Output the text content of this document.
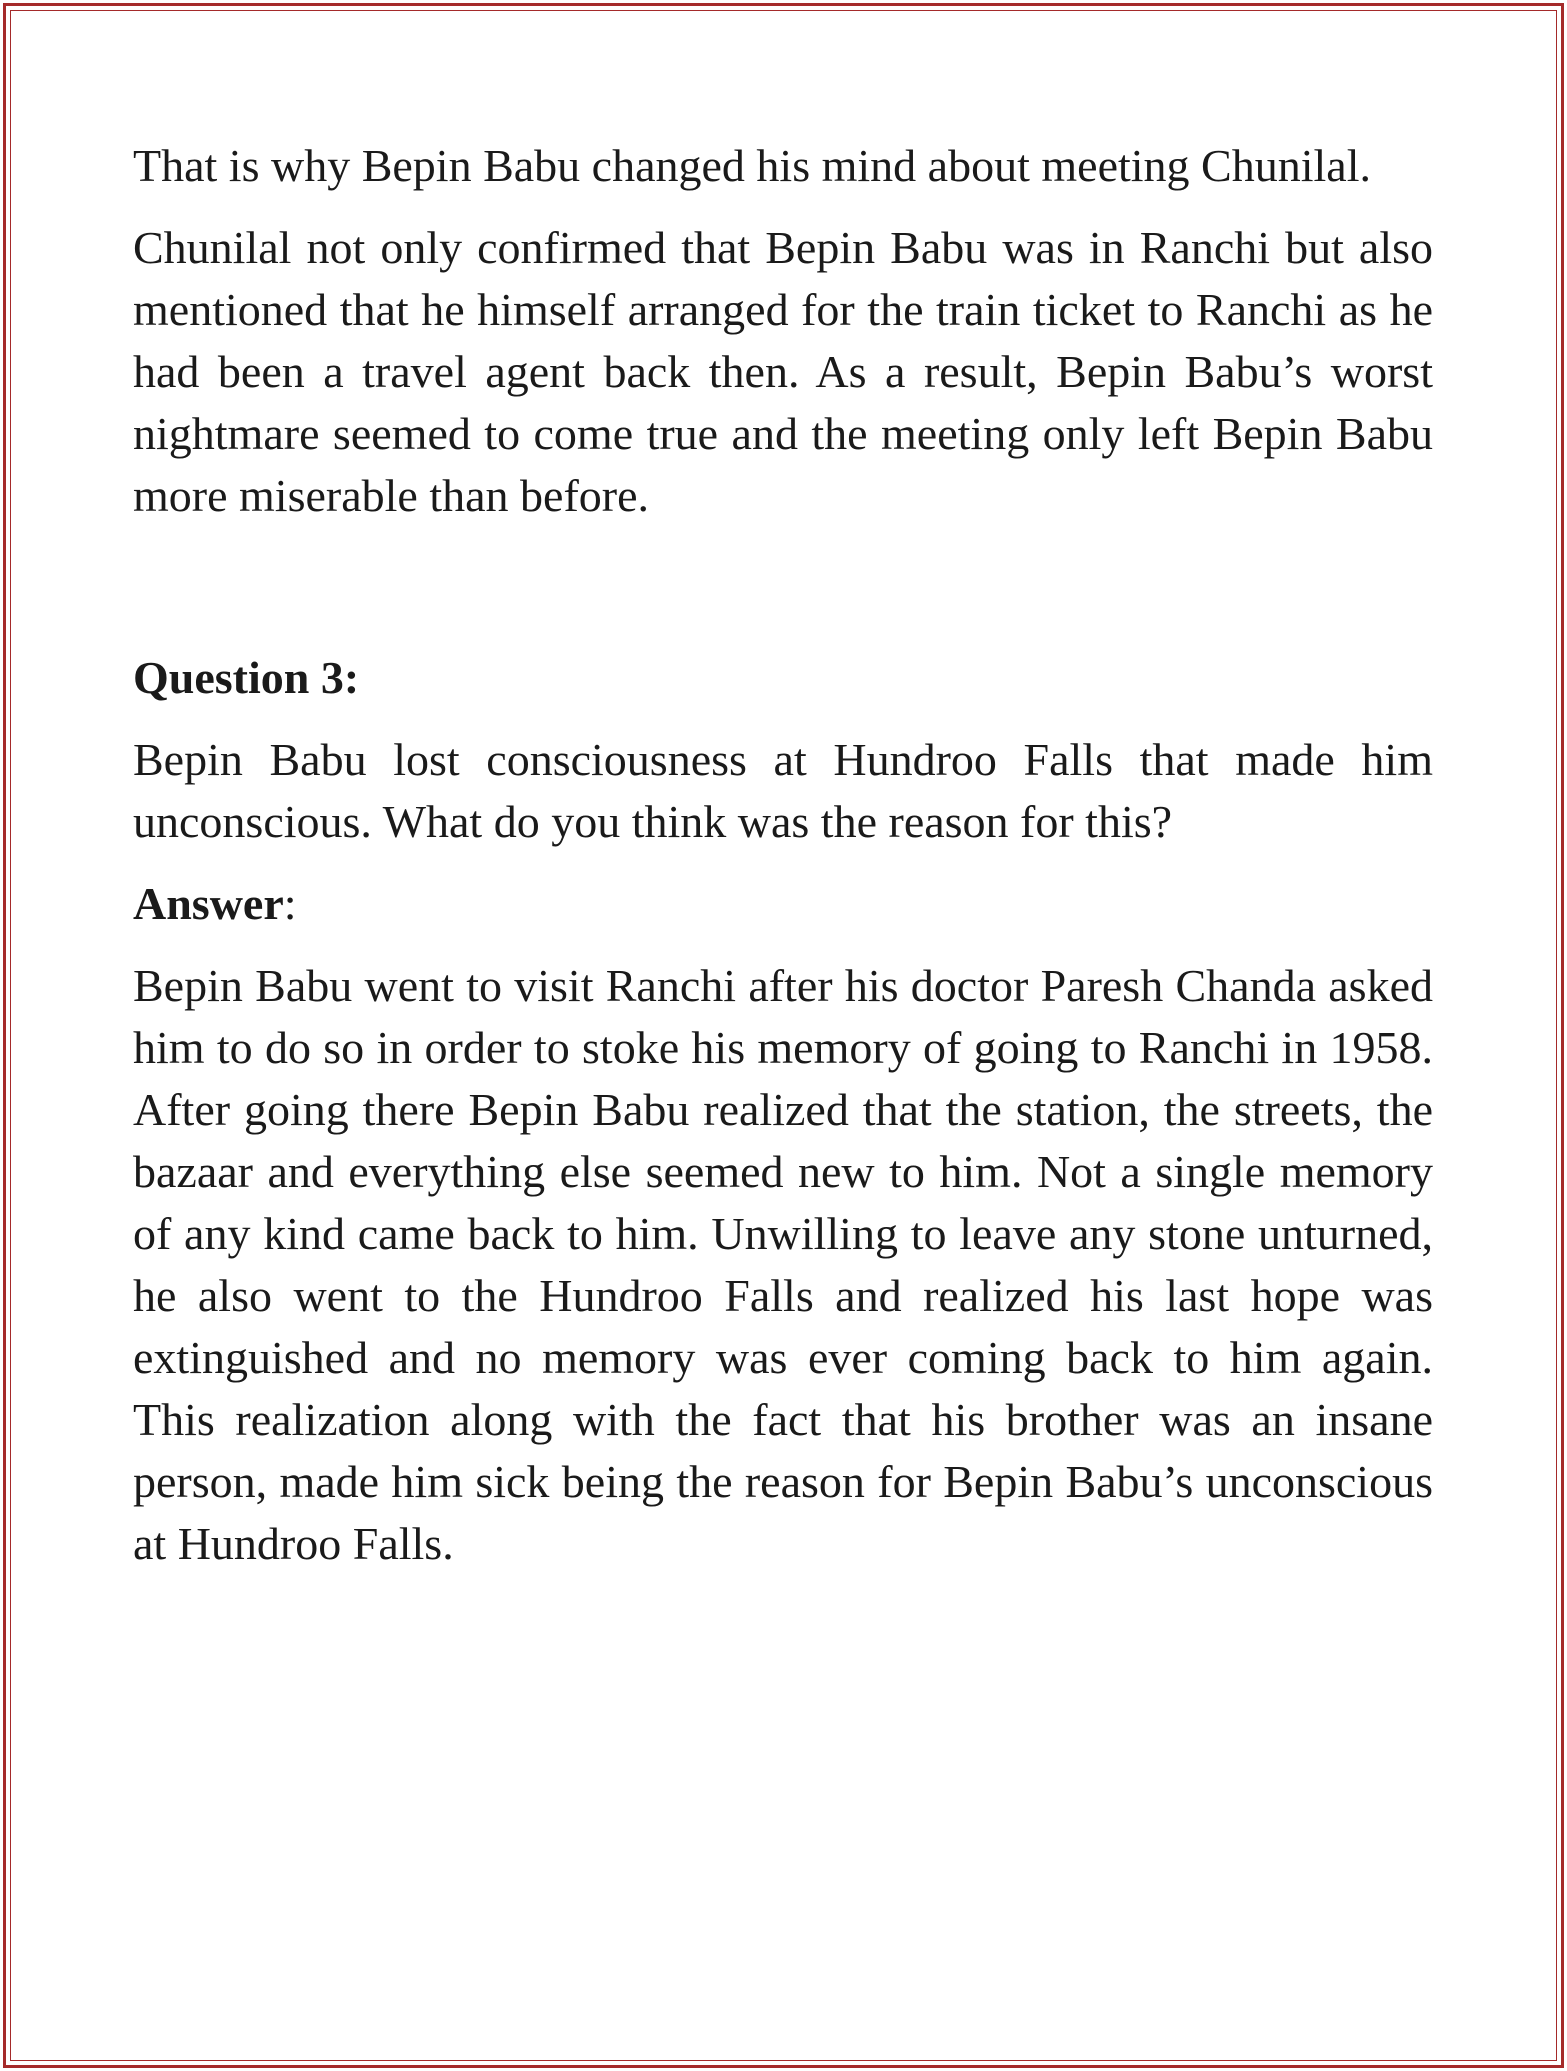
That is why Bepin Babu changed his mind about meeting Chunilal.

Chunilal not only confirmed that Bepin Babu was in Ranchi but also mentioned that he himself arranged for the train ticket to Ranchi as he had been a travel agent back then. As a result, Bepin Babu’s worst nightmare seemed to come true and the meeting only left Bepin Babu more miserable than before.

Question 3:

Bepin Babu lost consciousness at Hundroo Falls that made him unconscious. What do you think was the reason for this?

Answer:

Bepin Babu went to visit Ranchi after his doctor Paresh Chanda asked him to do so in order to stoke his memory of going to Ranchi in 1958. After going there Bepin Babu realized that the station, the streets, the bazaar and everything else seemed new to him. Not a single memory of any kind came back to him. Unwilling to leave any stone unturned, he also went to the Hundroo Falls and realized his last hope was extinguished and no memory was ever coming back to him again. This realization along with the fact that his brother was an insane person, made him sick being the reason for Bepin Babu’s unconscious at Hundroo Falls.
